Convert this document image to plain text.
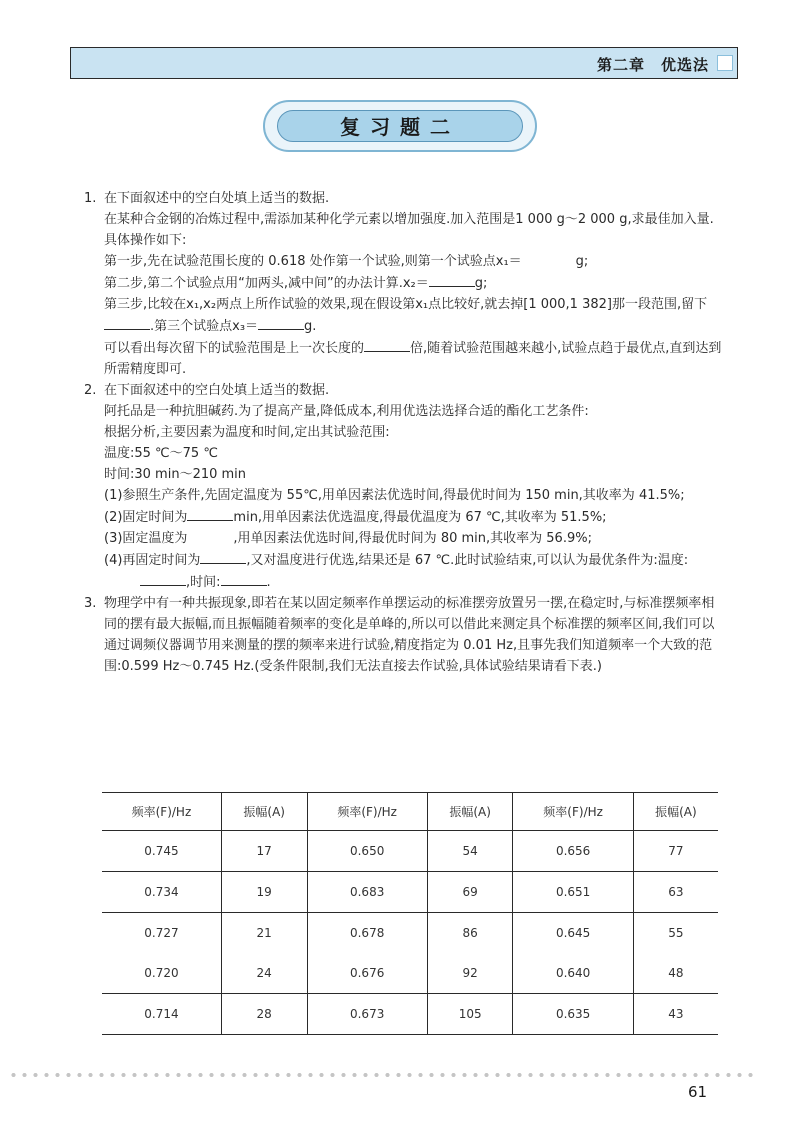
第二章　优选法
复习题二
1. 在下面叙述中的空白处填上适当的数据.

在某种合金钢的冶炼过程中,需添加某种化学元素以增加强度.加入范围是1 000 g～2 000 g,求最佳加入量.

具体操作如下:

第一步,先在试验范围长度的 0.618 处作第一个试验,则第一个试验点x₁＝	g;

第二步,第二个试验点用“加两头,减中间”的办法计算.x₂＝	g;

第三步,比较在x₁,x₂两点上所作试验的效果,现在假设第x₁点比较好,就去掉[1 000,1 382]那一段范围,留下.第三个试验点x₃＝	g.

可以看出每次留下的试验范围是上一次长度的	倍,随着试验范围越来越小,试验点趋于最优点,直到达到所需精度即可.

2. 在下面叙述中的空白处填上适当的数据.

阿托品是一种抗胆碱药.为了提高产量,降低成本,利用优选法选择合适的酯化工艺条件:

根据分析,主要因素为温度和时间,定出其试验范围:

温度:55 ℃～75 ℃

时间:30 min～210 min

(1)参照生产条件,先固定温度为 55℃,用单因素法优选时间,得最优时间为 150 min,其收率为 41.5%;

(2)固定时间为	min,用单因素法优选温度,得最优温度为 67 ℃,其收率为 51.5%;

(3)固定温度为	,用单因素法优选时间,得最优时间为 80 min,其收率为 56.9%;

(4)再固定时间为	,又对温度进行优选,结果还是 67 ℃.此时试验结束,可以认为最优条件为:温度:,时间:	.

3. 物理学中有一种共振现象,即若在某以固定频率作单摆运动的标准摆旁放置另一摆,在稳定时,与标准摆频率相同的摆有最大振幅,而且振幅随着频率的变化是单峰的,所以可以借此来测定具个标准摆的频率区间,我们可以通过调频仪器调节用来测量的摆的频率来进行试验,精度指定为 0.01 Hz,且事先我们知道频率一个大致的范围:0.599 Hz～0.745 Hz.(受条件限制,我们无法直接去作试验,具体试验结果请看下表.)

频率(F)/Hz	振幅(A)	频率(F)/Hz	振幅(A)	频率(F)/Hz	振幅(A)
0.745	17	0.650	54	0.656	77
0.734	19	0.683	69	0.651	63
0.727	21	0.678	86	0.645	55
0.720	24	0.676	92	0.640	48
0.714	28	0.673	105	0.635	43
61
